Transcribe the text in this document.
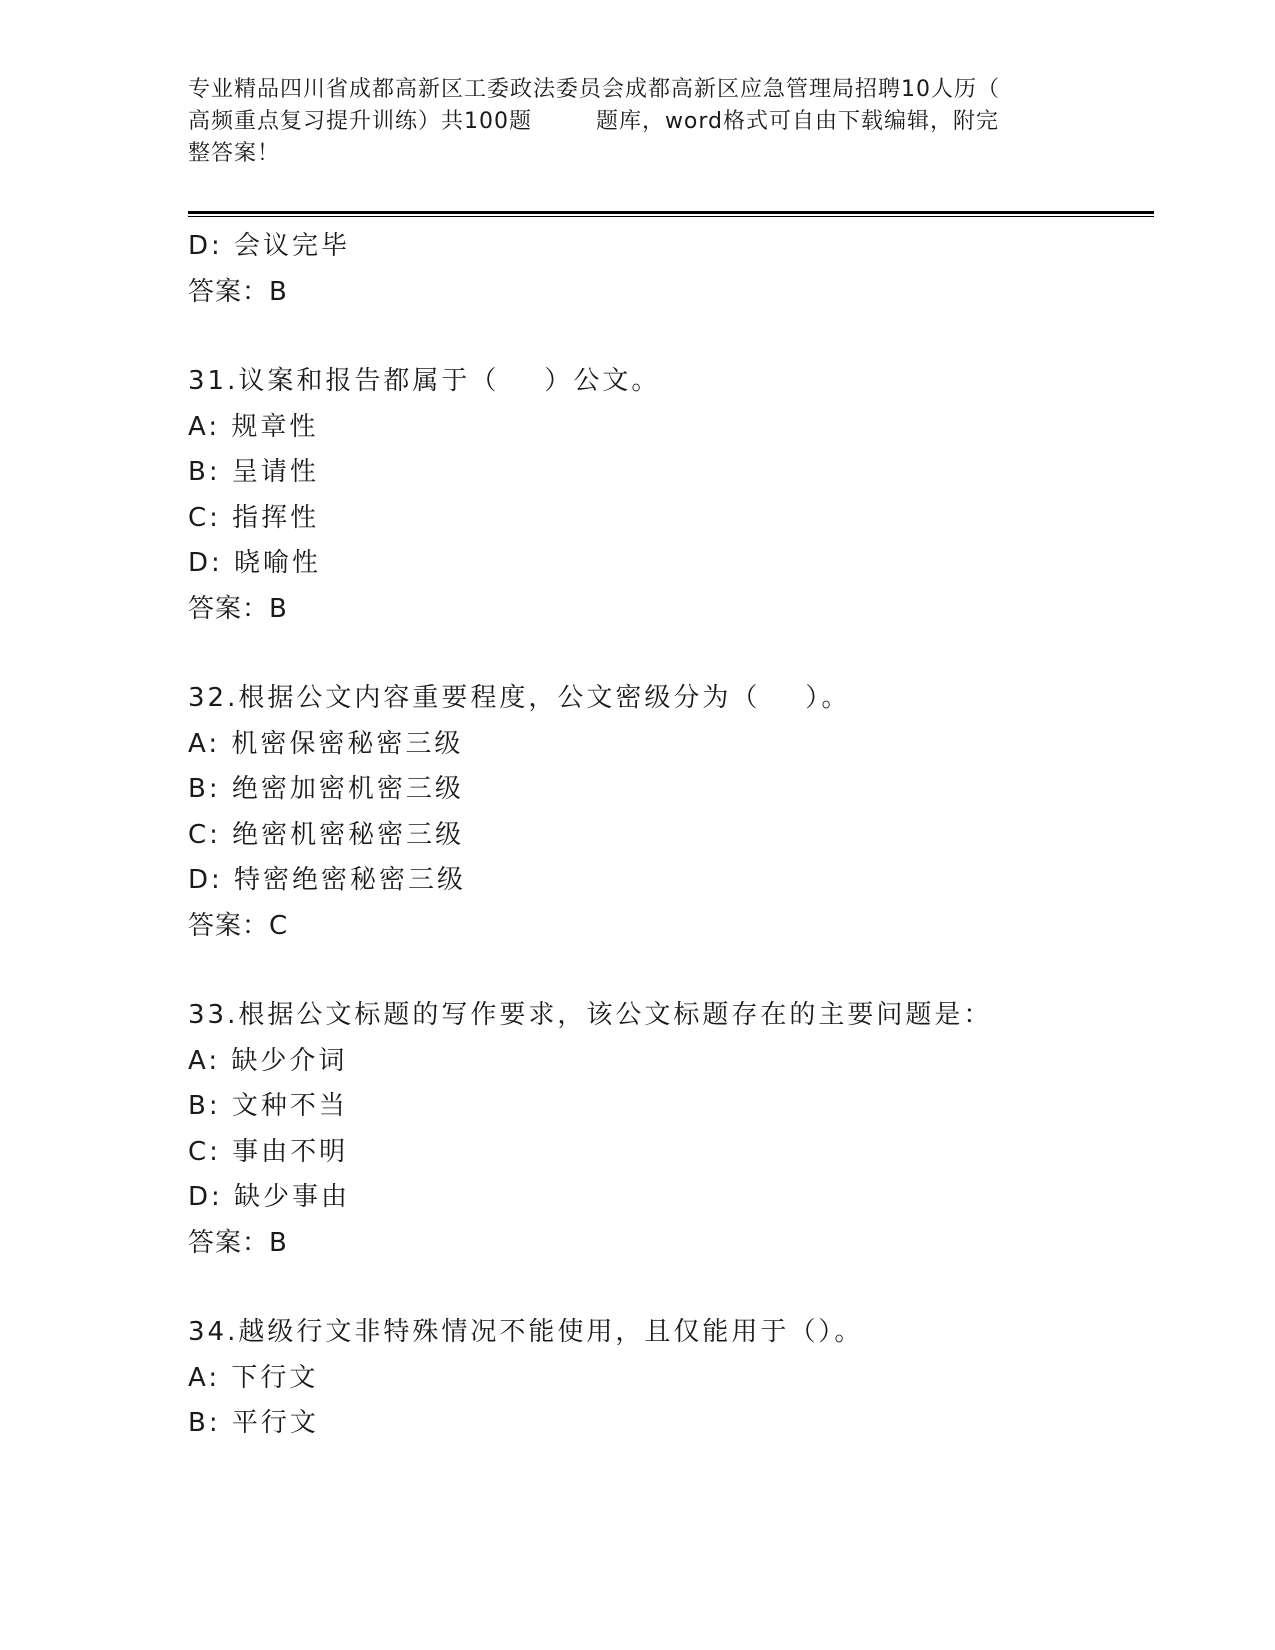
专业精品四川省成都高新区工委政法委员会成都高新区应急管理局招聘10人历（
高频重点复习提升训练）共100题        题库，word格式可自由下载编辑，附完
整答案！
D: 会议完毕
答案：B
31.议案和报告都属于（    ）公文。
A: 规章性
B: 呈请性
C: 指挥性
D: 晓喻性
答案：B
32.根据公文内容重要程度，公文密级分为（    ）。
A: 机密保密秘密三级
B: 绝密加密机密三级
C: 绝密机密秘密三级
D: 特密绝密秘密三级
答案：C
33.根据公文标题的写作要求，该公文标题存在的主要问题是：
A: 缺少介词
B: 文种不当
C: 事由不明
D: 缺少事由
答案：B
34.越级行文非特殊情况不能使用，且仅能用于（）。
A: 下行文
B: 平行文
